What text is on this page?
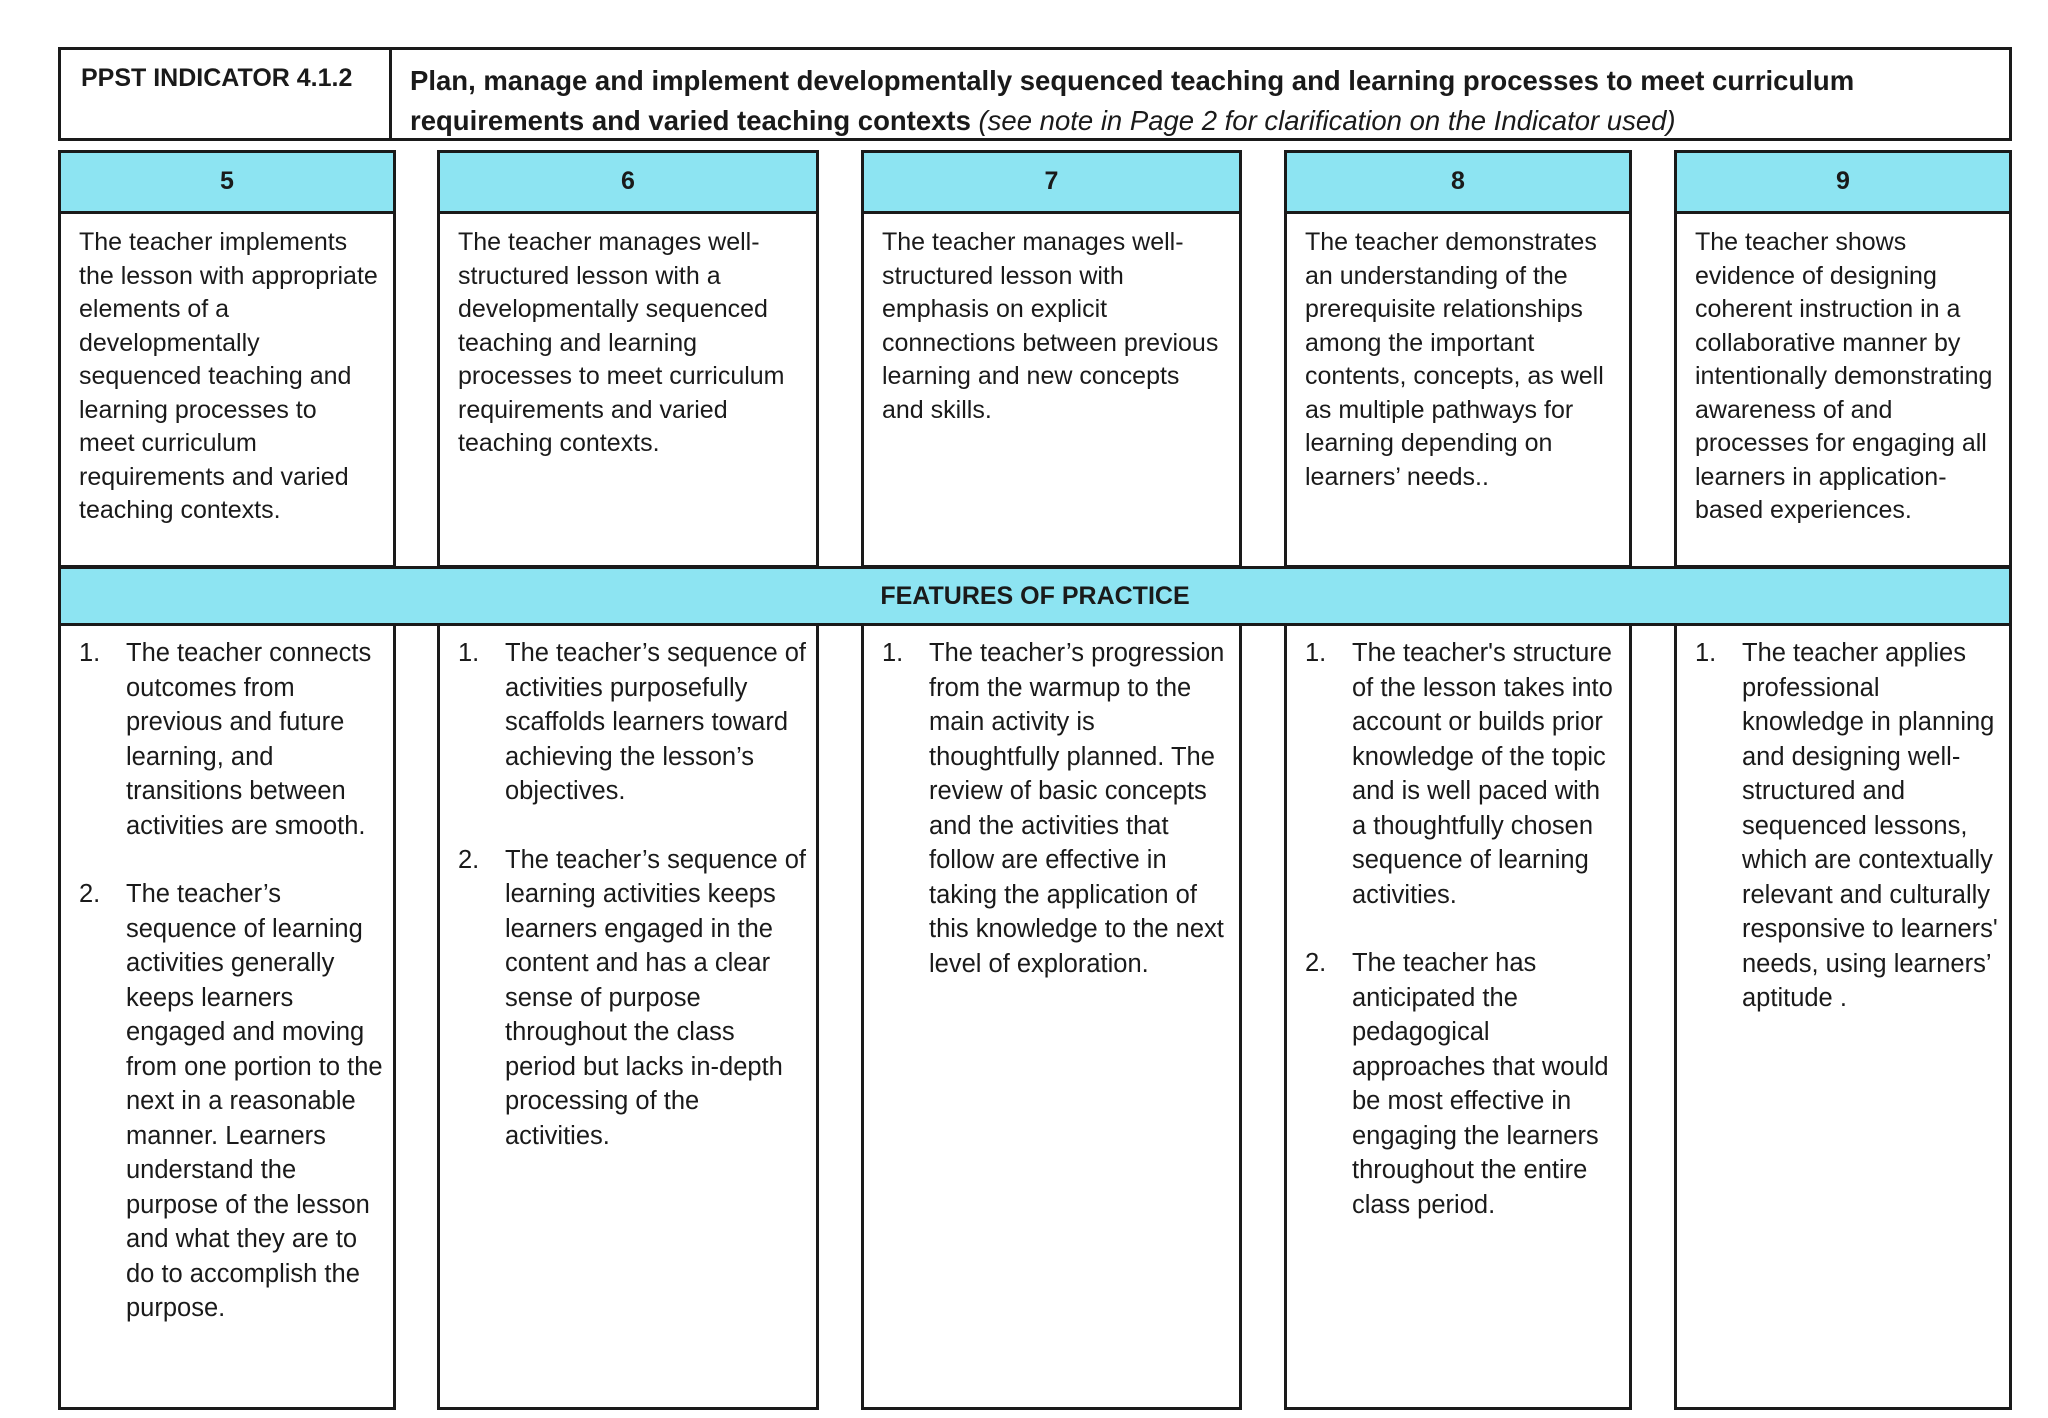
PPST INDICATOR 4.1.2	Plan, manage and implement developmentally sequenced teaching and learning processes to meet curriculum requirements and varied teaching contexts (see note in Page 2 for clarification on the Indicator used)
5
The teacher implements the lesson with appropriate elements of a developmentally sequenced teaching and learning processes to meet curriculum requirements and varied teaching contexts.
6
The teacher manages well-structured lesson with a developmentally sequenced teaching and learning processes to meet curriculum requirements and varied teaching contexts.
7
The teacher manages well-structured lesson with emphasis on explicit connections between previous learning and new concepts and skills.
8
The teacher demonstrates an understanding of the prerequisite relationships among the important contents, concepts, as well as multiple pathways for learning depending on learners’ needs..
9
The teacher shows evidence of designing coherent instruction in a collaborative manner by intentionally demonstrating awareness of and processes for engaging all learners in application-based experiences.
FEATURES OF PRACTICE
1. The teacher connects outcomes from previous and future learning, and transitions between activities are smooth.
2. The teacher’s sequence of learning activities generally keeps learners engaged and moving from one portion to the next in a reasonable manner. Learners understand the purpose of the lesson and what they are to do to accomplish the purpose.
1. The teacher’s sequence of activities purposefully scaffolds learners toward achieving the lesson’s objectives.
2. The teacher’s sequence of learning activities keeps learners engaged in the content and has a clear sense of purpose throughout the class period but lacks in-depth processing of the activities.
1. The teacher’s progression from the warmup to the main activity is thoughtfully planned. The review of basic concepts and the activities that follow are effective in taking the application of this knowledge to the next level of exploration.
1. The teacher's structure of the lesson takes into account or builds prior knowledge of the topic and is well paced with a thoughtfully chosen sequence of learning activities.
2. The teacher has anticipated the pedagogical approaches that would be most effective in engaging the learners throughout the entire class period.
1. The teacher applies professional knowledge in planning and designing well-structured and sequenced lessons, which are contextually relevant and culturally responsive to learners' needs, using learners’ aptitude .
